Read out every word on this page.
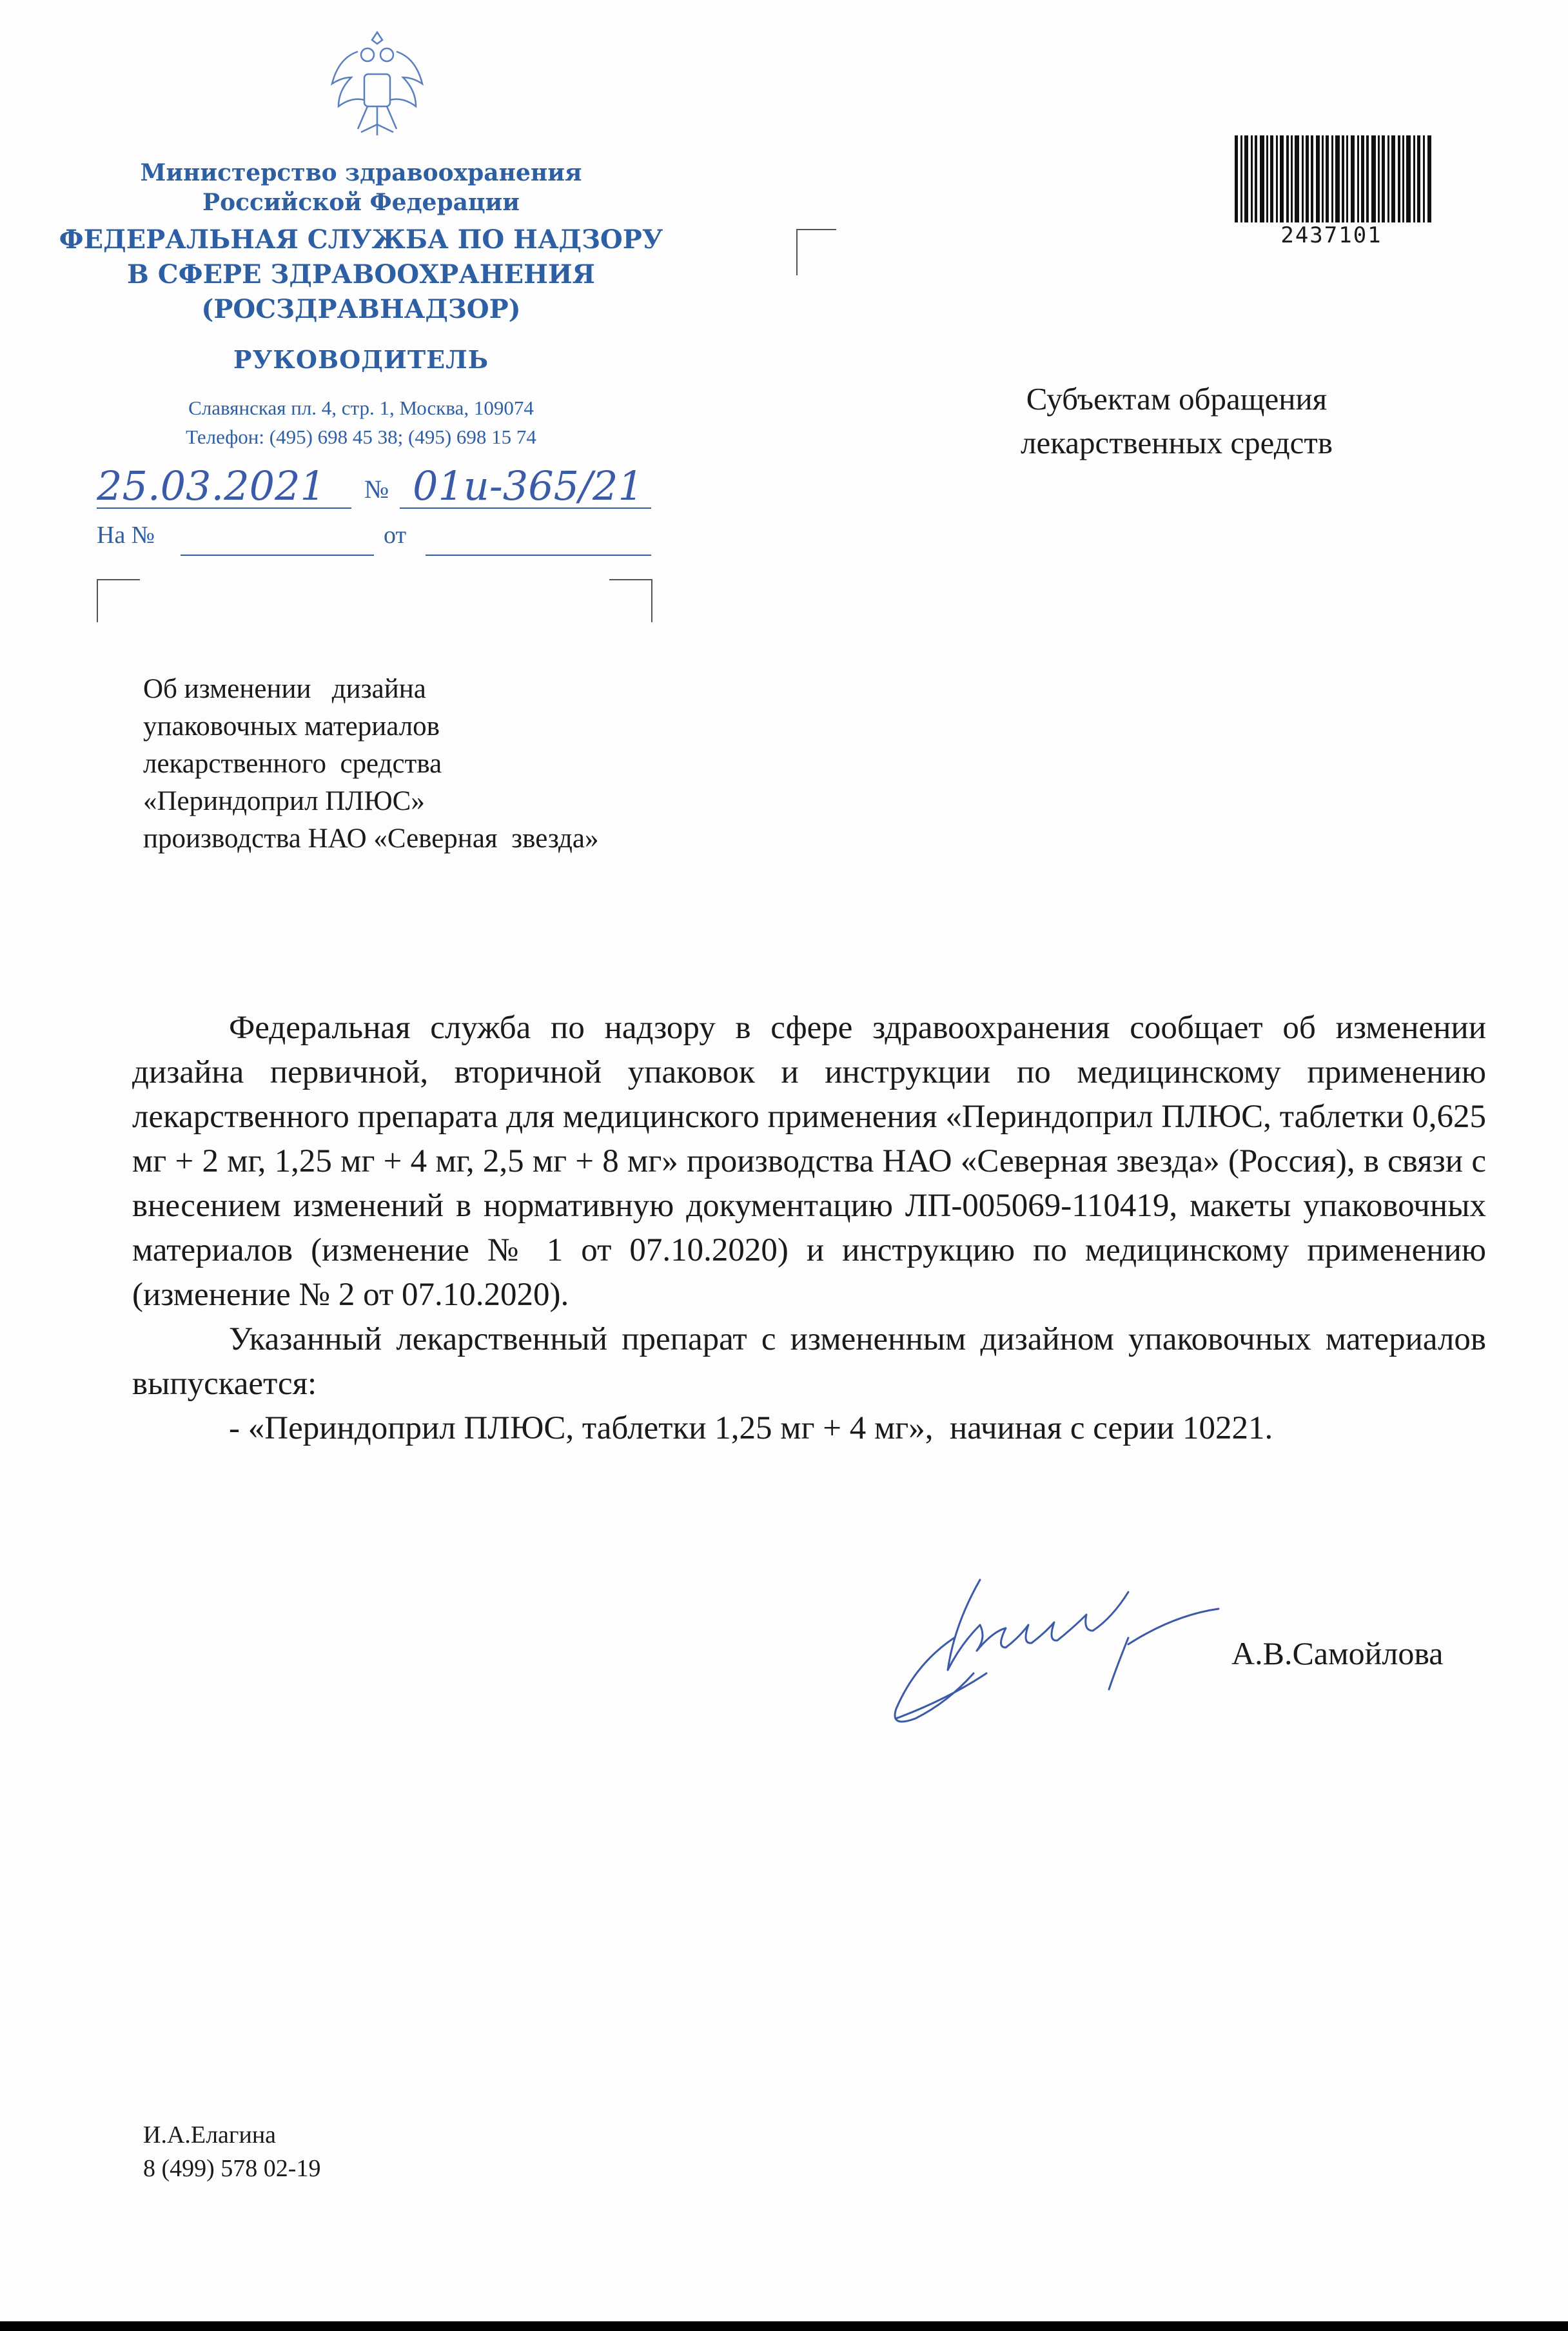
Министерство здравоохранения
Российской Федерации
ФЕДЕРАЛЬНАЯ СЛУЖБА ПО НАДЗОРУ
В СФЕРЕ ЗДРАВООХРАНЕНИЯ
(РОСЗДРАВНАДЗОР)
РУКОВОДИТЕЛЬ
Славянская пл. 4, стр. 1, Москва, 109074
Телефон: (495) 698 45 38; (495) 698 15 74
25.03.2021 01и-365/21
№
На №	от
2437101
Субъектам обращения
лекарственных средств
Об изменении   дизайна
упаковочных материалов
лекарственного  средства
«Периндоприл ПЛЮС»
производства НАО «Северная  звезда»

Федеральная служба по надзору в сфере здравоохранения сообщает об изменении дизайна первичной, вторичной упаковок и инструкции по медицинскому применению лекарственного препарата для медицинского применения «Периндоприл ПЛЮС, таблетки 0,625 мг + 2 мг, 1,25 мг + 4 мг, 2,5 мг + 8 мг» производства НАО «Северная звезда» (Россия), в связи с внесением изменений в нормативную документацию ЛП-005069-110419, макеты упаковочных материалов (изменение № 1 от 07.10.2020) и инструкцию по медицинскому применению (изменение № 2 от 07.10.2020).

Указанный лекарственный препарат с измененным дизайном упаковочных материалов выпускается:

- «Периндоприл ПЛЮС, таблетки 1,25 мг + 4 мг»,  начиная с серии 10221.

А.В.Самойлова
И.А.Елагина
8 (499) 578 02-19
